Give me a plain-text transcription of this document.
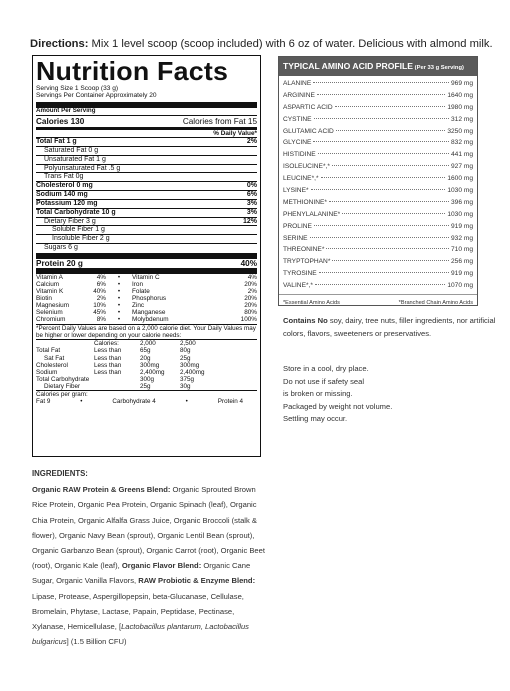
Directions: Mix 1 level scoop (scoop included) with 6 oz of water. Delicious with almond milk.
Nutrition Facts
Serving Size 1 Scoop (33 g)
Servings Per Container Approximately 20
Amount Per Serving
Calories 130	Calories from Fat 15
% Daily Value*
Total Fat 1 g	2%
Saturated Fat 0 g
Unsaturated Fat 1 g
Polyunsaturated Fat .5 g
Trans Fat 0g
Cholesterol 0 mg	0%
Sodium 140 mg	6%
Potassium 120 mg	3%
Total Carbohydrate 10 g	3%
Dietary Fiber 3 g	12%
Soluble Fiber 1 g
Insoluble Fiber 2 g
Sugars 6 g
Protein 20 g	40%
Vitamin A	4%	•	Vitamin C	4%
Calcium	6%	•	Iron	20%
Vitamin K	40%	•	Folate	2%
Biotin	2%	•	Phosphorus	20%
Magnesium	10%	•	Zinc	20%
Selenium	45%	•	Manganese	80%
Chromium	8%	•	Molybdenum	100%
*Percent Daily Values are based on a 2,000 calorie diet. Your Daily Values may be higher or lower depending on your calorie needs:
Calories:	2,000	2,500
Total Fat	Less than	65g	80g
Sat Fat	Less than	20g	25g
Cholesterol	Less than	300mg	300mg
Sodium	Less than	2,400mg	2,400mg
Total Carbohydrate	300g	375g
Dietary Fiber	25g	30g
Calories per gram:
Fat 9	•	Carbohydrate 4	•	Protein 4
TYPICAL AMINO ACID PROFILE (Per 33 g Serving)
ALANINE	969 mg
ARGININE	1640 mg
ASPARTIC ACID	1980 mg
CYSTINE	312 mg
GLUTAMIC ACID	3250 mg
GLYCINE	832 mg
HISTIDINE	441 mg
ISOLEUCINE*,*	927 mg
LEUCINE*,*	1600 mg
LYSINE*	1030 mg
METHIONINE*	396 mg
PHENYLALANINE*	1030 mg
PROLINE	919 mg
SERINE	932 mg
THREONINE*	710 mg
TRYPTOPHAN*	256 mg
TYROSINE	919 mg
VALINE*,*	1070 mg
*Essential Amino Acids	*Branched Chain Amino Acids
Contains No soy, dairy, tree nuts, filler ingredients, nor artificial colors, flavors, sweeteners or preservatives.
Store in a cool, dry place.
Do not use if safety seal
is broken or missing.
Packaged by weight not volume.
Settling may occur.
INGREDIENTS:
Organic RAW Protein & Greens Blend: Organic Sprouted Brown Rice Protein, Organic Pea Protein, Organic Spinach (leaf), Organic Chia Protein, Organic Alfalfa Grass Juice, Organic Broccoli (stalk & flower), Organic Navy Bean (sprout), Organic Lentil Bean (sprout), Organic Garbanzo Bean (sprout), Organic Carrot (root), Organic Beet (root), Organic Kale (leaf), Organic Flavor Blend: Organic Cane Sugar, Organic Vanilla Flavors, RAW Probiotic & Enzyme Blend: Lipase, Protease, Aspergillopepsin, beta-Glucanase, Cellulase, Bromelain, Phytase, Lactase, Papain, Peptidase, Pectinase, Xylanase, Hemicellulase, [Lactobacillus plantarum, Lactobacillus bulgaricus] (1.5 Billion CFU)
